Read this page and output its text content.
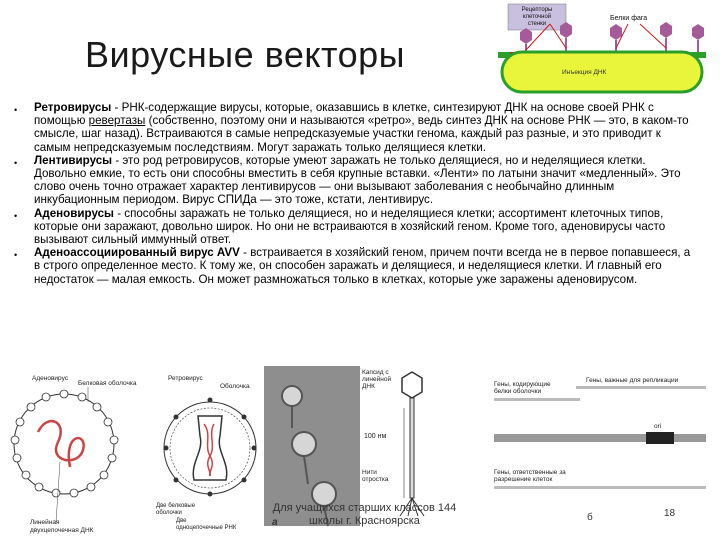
Вирусные векторы
Рецепторы
клеточной
стенки
Белки фага
Инъекция ДНК

• Ретровирусы - РНК-содержащие вирусы, которые, оказавшись в клетке, синтезируют ДНК на основе своей РНК с помощью ревертазы (собственно, поэтому они и называются «ретро», ведь синтез ДНК на основе РНК — это, в каком-то смысле, шаг назад). Встраиваются в самые непредсказуемые участки генома, каждый раз разные, и это приводит к самым непредсказуемым последствиям. Могут заражать только делящиеся клетки.

• Лентивирусы - это род ретровирусов, которые умеют заражать не только делящиеся, но и неделящиеся клетки. Довольно емкие, то есть они способны вместить в себя крупные вставки. «Ленти» по латыни значит «медленный». Это слово очень точно отражает характер лентивирусов — они вызывают заболевания с необычайно длинным инкубационным периодом. Вирус СПИДа — это тоже, кстати, лентивирус.

• Аденовирусы - способны заражать не только делящиеся, но и неделящиеся клетки; ассортимент клеточных типов, которые они заражают, довольно широк. Но они не встраиваются в хозяйский геном. Кроме того, аденовирусы часто вызывают сильный иммунный ответ.

• Аденоассоциированный вирус AVV - встраивается в хозяйский геном, причем почти всегда не в первое попавшееся, а в строго определенное место. К тому же, он способен заражать и делящиеся, и неделящиеся клетки. И главный его недостаток — малая емкость. Он может размножаться только в клетках, которые уже заражены аденовирусом.

Аденовирус
Белковая оболочка
Линейная
двухцепочечная ДНК
Ретровирус
Оболочка
Две белковые
оболочки
Две
одноцепочечные РНК
Капсид с
линейной
ДНК
100 нм
Нити
отростка
Гены, важные для репликации
ori
Гены, кодирующие
белки оболочки
Гены, ответственные за
разрешение клеток
a	б
Для учащихся старших классов 144
школы г. Красноярска
18
